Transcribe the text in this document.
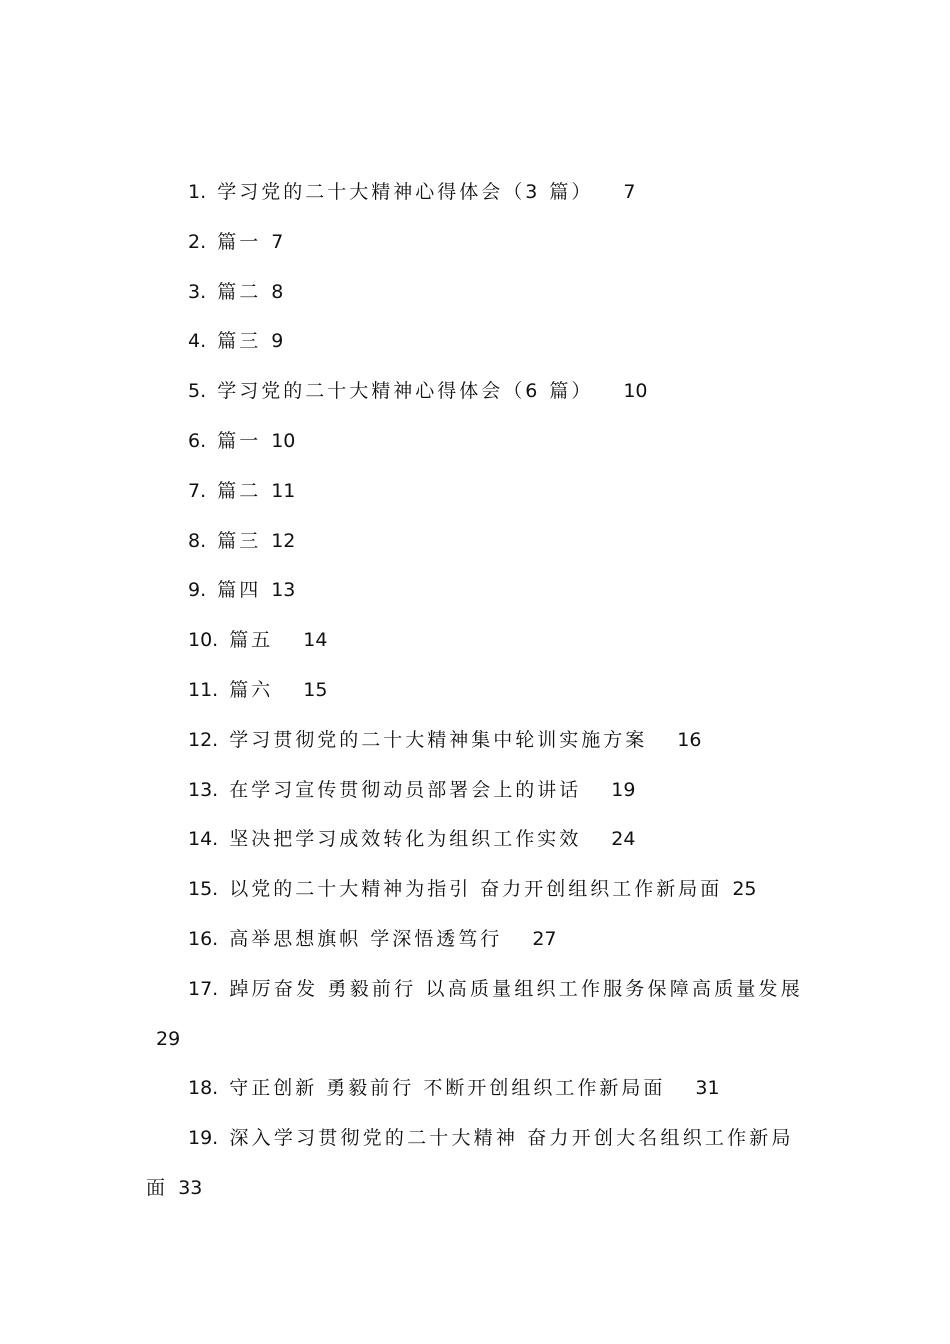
1. 学习党的二十大精神心得体会（3 篇） 7
2. 篇一 7
3. 篇二 8
4. 篇三 9
5. 学习党的二十大精神心得体会（6 篇） 10
6. 篇一 10
7. 篇二 11
8. 篇三 12
9. 篇四 13
10. 篇五 14
11. 篇六 15
12. 学习贯彻党的二十大精神集中轮训实施方案 16
13. 在学习宣传贯彻动员部署会上的讲话 19
14. 坚决把学习成效转化为组织工作实效 24
15. 以党的二十大精神为指引 奋力开创组织工作新局面 25
16. 高举思想旗帜 学深悟透笃行 27
17. 踔厉奋发 勇毅前行 以高质量组织工作服务保障高质量发展29
18. 守正创新 勇毅前行 不断开创组织工作新局面 31
19. 深入学习贯彻党的二十大精神 奋力开创大名组织工作新局面 33
